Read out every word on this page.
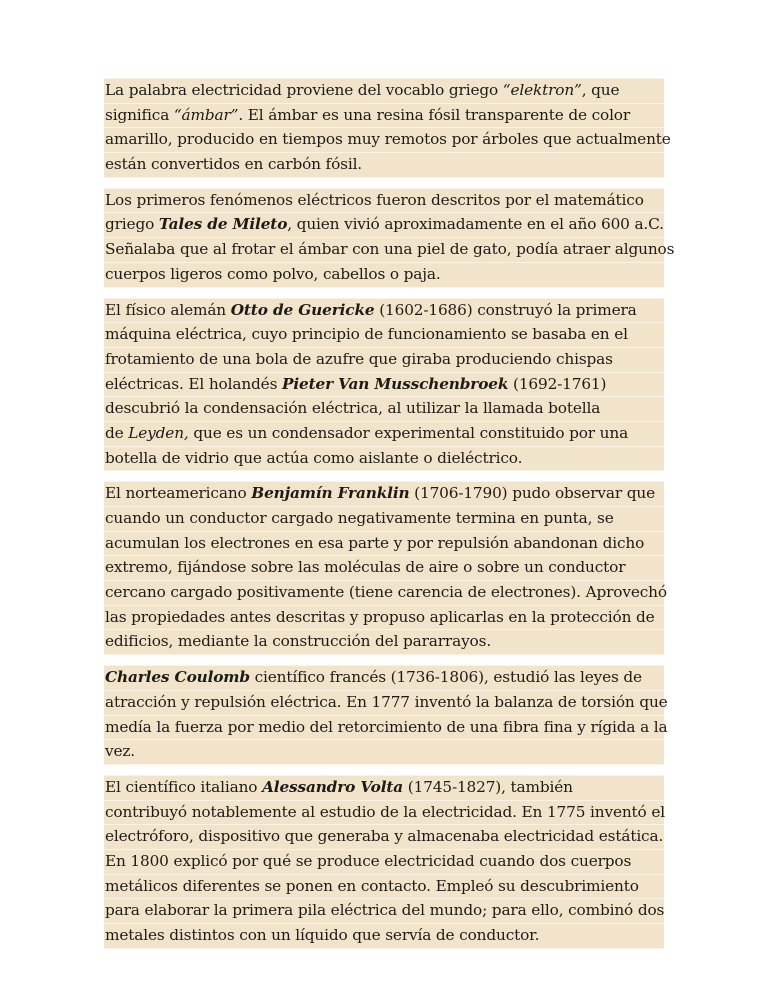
La palabra electricidad proviene del vocablo griego “elektron”, que
significa “ámbar”. El ámbar es una resina fósil transparente de color
amarillo, producido en tiempos muy remotos por árboles que actualmente
están convertidos en carbón fósil.

Los primeros fenómenos eléctricos fueron descritos por el matemático
griego Tales de Mileto, quien vivió aproximadamente en el año 600 a.C.
Señalaba que al frotar el ámbar con una piel de gato, podía atraer algunos
cuerpos ligeros como polvo, cabellos o paja.

El físico alemán Otto de Guericke (1602-1686) construyó la primera
máquina eléctrica, cuyo principio de funcionamiento se basaba en el
frotamiento de una bola de azufre que giraba produciendo chispas
eléctricas. El holandés Pieter Van Musschenbroek (1692-1761)
descubrió la condensación eléctrica, al utilizar la llamada botella
de Leyden, que es un condensador experimental constituido por una
botella de vidrio que actúa como aislante o dieléctrico.

El norteamericano Benjamín Franklin (1706-1790) pudo observar que
cuando un conductor cargado negativamente termina en punta, se
acumulan los electrones en esa parte y por repulsión abandonan dicho
extremo, fijándose sobre las moléculas de aire o sobre un conductor
cercano cargado positivamente (tiene carencia de electrones). Aprovechó
las propiedades antes descritas y propuso aplicarlas en la protección de
edificios, mediante la construcción del pararrayos.

Charles Coulomb científico francés (1736-1806), estudió las leyes de
atracción y repulsión eléctrica. En 1777 inventó la balanza de torsión que
medía la fuerza por medio del retorcimiento de una fibra fina y rígida a la
vez.

El científico italiano Alessandro Volta (1745-1827), también
contribuyó notablemente al estudio de la electricidad. En 1775 inventó el
electróforo, dispositivo que generaba y almacenaba electricidad estática.
En 1800 explicó por qué se produce electricidad cuando dos cuerpos
metálicos diferentes se ponen en contacto. Empleó su descubrimiento
para elaborar la primera pila eléctrica del mundo; para ello, combinó dos
metales distintos con un líquido que servía de conductor.
